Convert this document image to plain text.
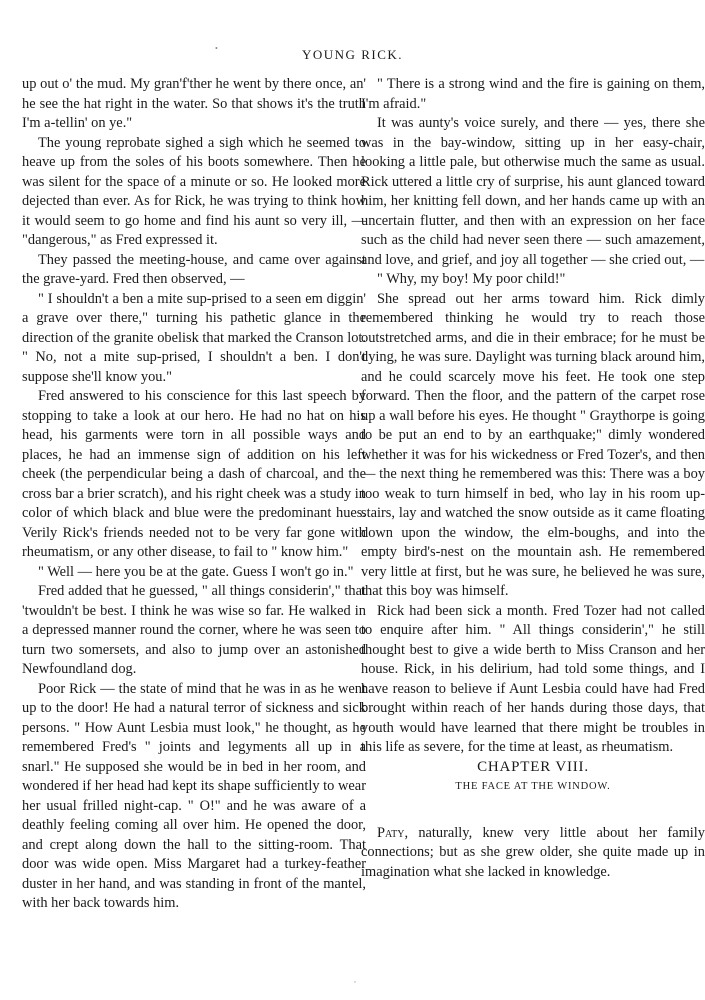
•	YOUNG RICK.

up out o' the mud. My gran'f'ther he went by there once, an' he see the hat right in the water. So that shows it's the truth I'm a-tellin' on ye."

The young reprobate sighed a sigh which he seemed to heave up from the soles of his boots somewhere. Then he was silent for the space of a minute or so. He looked more dejected than ever. As for Rick, he was trying to think how it would seem to go home and find his aunt so very ill, — "dangerous," as Fred expressed it.

They passed the meeting-house, and came over against the grave-yard. Fred then observed, —

" I shouldn't a ben a mite sup-prised to a seen em diggin' a grave over there," turning his pathetic glance in the direction of the granite obelisk that marked the Cranson lot. " No, not a mite sup-prised, I shouldn't a ben. I don't suppose she'll know you."

Fred answered to his conscience for this last speech by stopping to take a look at our hero. He had no hat on his head, his garments were torn in all possible ways and places, he had an immense sign of addition on his left cheek (the perpendicular being a dash of charcoal, and the cross bar a brier scratch), and his right cheek was a study in color of which black and blue were the predominant hues. Verily Rick's friends needed not to be very far gone with rheumatism, or any other disease, to fail to " know him."

" Well — here you be at the gate. Guess I won't go in."

Fred added that he guessed, " all things considerin'," that 'twouldn't be best. I think he was wise so far. He walked in a depressed manner round the corner, where he was seen to turn two somersets, and also to jump over an astonished Newfoundland dog.

Poor Rick — the state of mind that he was in as he went up to the door! He had a natural terror of sickness and sick persons. " How Aunt Lesbia must look," he thought, as he remembered Fred's " joints and legyments all up in a snarl." He supposed she would be in bed in her room, and wondered if her head had kept its shape sufficiently to wear her usual frilled night-cap. " O!" and he was aware of a deathly feeling coming all over him. He opened the door, and crept along down the hall to the sitting-room. That door was wide open. Miss Margaret had a turkey-feather duster in her hand, and was standing in front of the mantel, with her back towards him.

" There is a strong wind and the fire is gaining on them, I'm afraid."

It was aunty's voice surely, and there — yes, there she was in the bay-window, sitting up in her easy-chair, looking a little pale, but otherwise much the same as usual. Rick uttered a little cry of surprise, his aunt glanced toward him, her knitting fell down, and her hands came up with an uncertain flutter, and then with an expression on her face such as the child had never seen there — such amazement, and love, and grief, and joy all together — she cried out, —

" Why, my boy! My poor child!"

She spread out her arms toward him. Rick dimly remembered thinking he would try to reach those outstretched arms, and die in their embrace; for he must be dying, he was sure. Daylight was turning black around him, and he could scarcely move his feet. He took one step forward. Then the floor, and the pattern of the carpet rose up a wall before his eyes. He thought " Graythorpe is going to be put an end to by an earthquake;" dimly wondered whether it was for his wickedness or Fred Tozer's, and then — the next thing he remembered was this: There was a boy too weak to turn himself in bed, who lay in his room up-stairs, lay and watched the snow outside as it came floating down upon the window, the elm-boughs, and into the empty bird's-nest on the mountain ash. He remembered very little at first, but he was sure, he believed he was sure, that this boy was himself.

Rick had been sick a month. Fred Tozer had not called to enquire after him. " All things considerin'," he still thought best to give a wide berth to Miss Cranson and her house. Rick, in his delirium, had told some things, and I have reason to believe if Aunt Lesbia could have had Fred brought within reach of her hands during those days, that youth would have learned that there might be troubles in this life as severe, for the time at least, as rheumatism.

CHAPTER VIII.

THE FACE AT THE WINDOW.

Paty, naturally, knew very little about her family connections; but as she grew older, she quite made up in imagination what she lacked in knowledge.

,
